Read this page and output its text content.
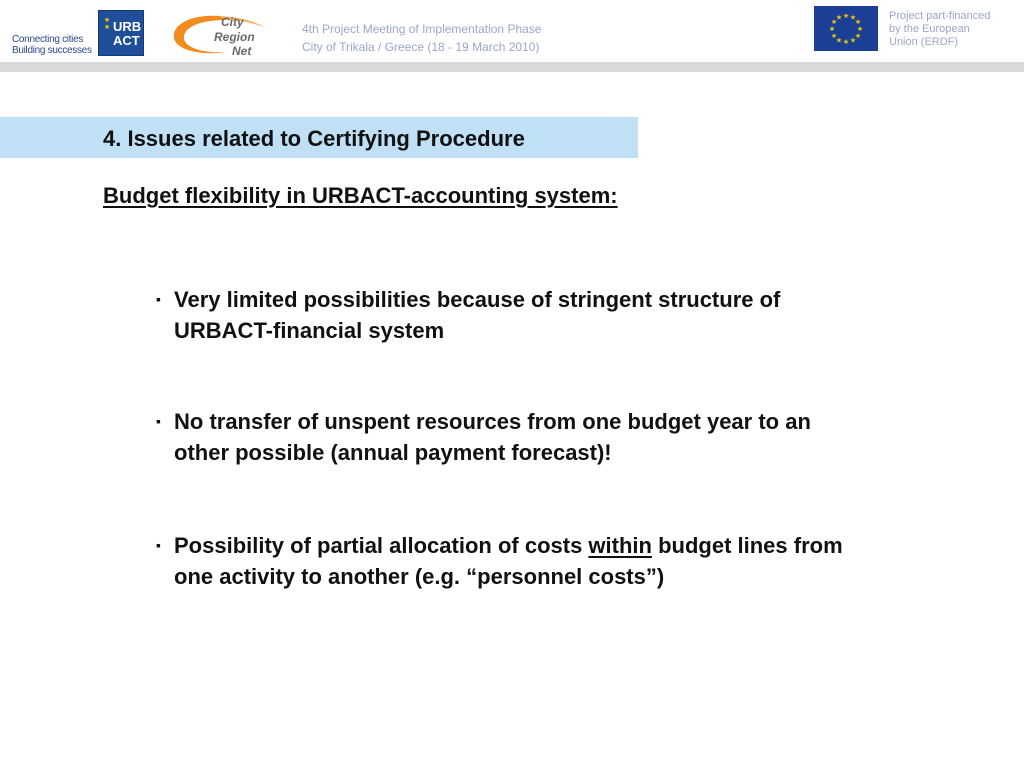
Connecting cities
Building successes
★
★ URB
ACT
City
Region
Net
4th Project Meeting of Implementation Phase
City of Trikala / Greece (18 - 19 March 2010)
★ ★
★
★
★
★
★
★
★
★
★
★	Project part-financed
by the European
Union (ERDF)
4. Issues related to Certifying Procedure
Budget flexibility in URBACT-accounting system:
▪ Very limited possibilities because of stringent structure of
URBACT-financial system
▪ No transfer of unspent resources from one budget year to an
other possible (annual payment forecast)!
▪ Possibility of partial allocation of costs within budget lines from
one activity to another (e.g. “personnel costs”)
